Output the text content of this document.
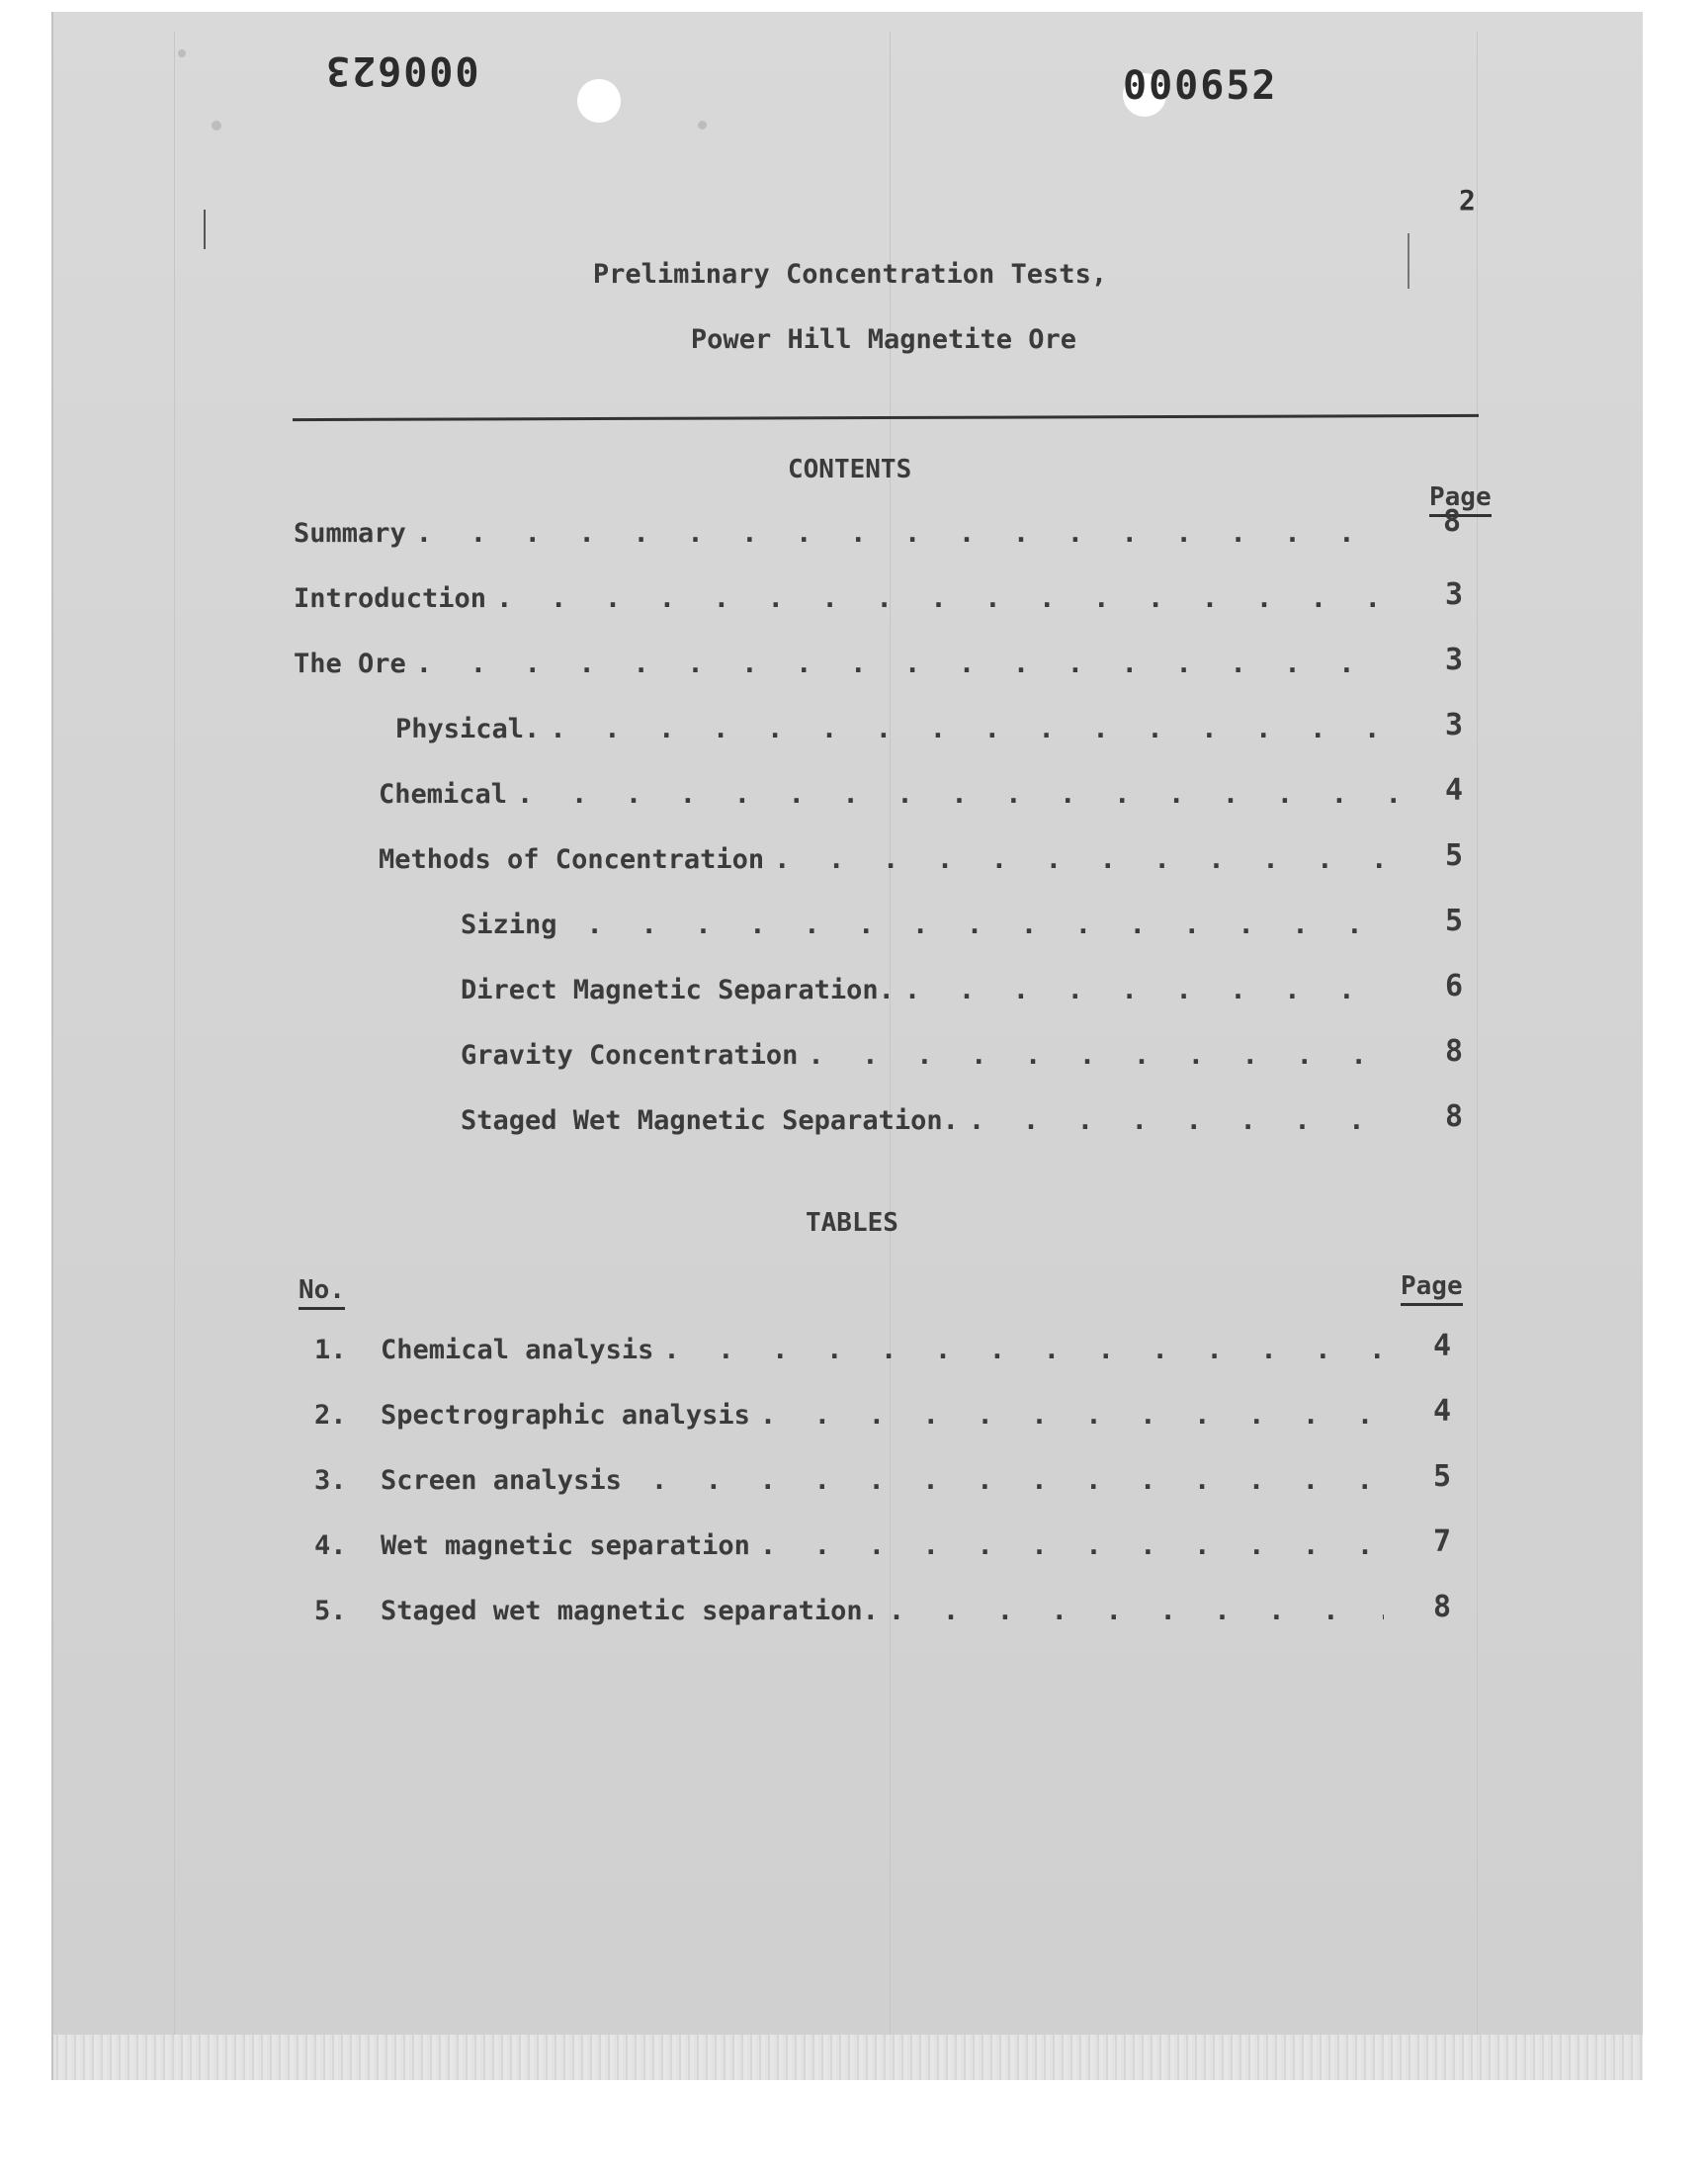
000623	000652
2
Preliminary Concentration Tests,
Power Hill Magnetite Ore
CONTENTS
Page
Summary . . .	8
Introduction . . .	3
The Ore . . .	3
Physical. . . .	3
Chemical . . .	4
Methods of Concentration . . .	5
Sizing . . .	5
Direct Magnetic Separation. . . .	6
Gravity Concentration . . .	8
Staged Wet Magnetic Separation. . . .	8
TABLES
No.	Page
1. Chemical analysis . . .	4
2. Spectrographic analysis . . .	4
3. Screen analysis . . .	5
4. Wet magnetic separation . . .	7
5. Staged wet magnetic separation. . . .	8
